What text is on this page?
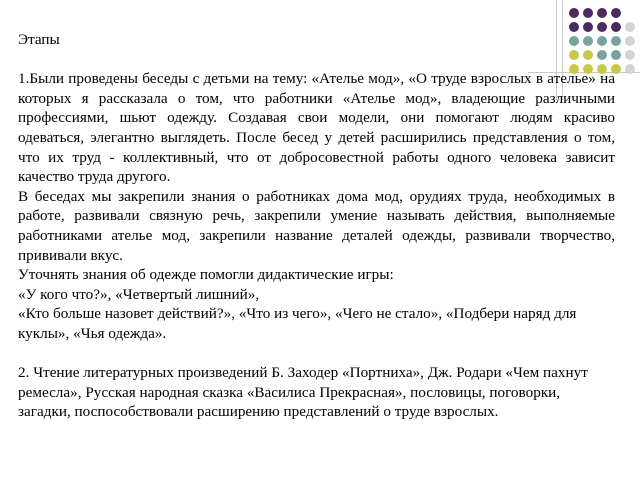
Этапы

1.Были проведены беседы с детьми на тему: «Ателье мод», «О труде взрослых в ателье» на которых я рассказала о том, что работники «Ателье мод», владеющие различными профессиями, шьют одежду. Создавая свои модели, они помогают людям красиво одеваться, элегантно выглядеть. После бесед у детей расширились представления о том, что их труд - коллективный, что от добросовестной работы одного человека зависит качество труда другого.

В беседах мы закрепили знания о работниках дома мод, орудиях труда, необходимых в работе, развивали связную речь, закрепили умение называть действия, выполняемые работниками ателье мод, закрепили название деталей одежды, развивали творчество, прививали вкус.

Уточнять знания об одежде помогли дидактические игры:

«У кого что?», «Четвертый лишний»,

«Кто больше назовет действий?», «Что из чего», «Чего не стало», «Подбери наряд для куклы», «Чья одежда».

2. Чтение литературных произведений Б. Заходер «Портниха», Дж. Родари «Чем пахнут ремесла», Русская народная сказка «Василиса Прекрасная», пословицы, поговорки, загадки, поспособствовали расширению представлений о труде взрослых.
